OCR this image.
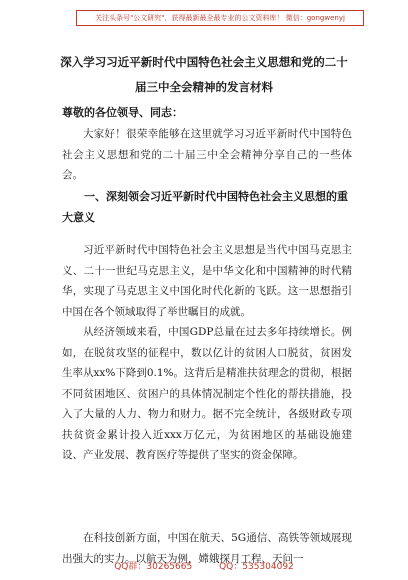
关注头条号"公文研究"，获得最新最全最专业的公文资料库！ 微信：gongwenyj
深入学习习近平新时代中国特色社会主义思想和党的二十
届三中全会精神的发言材料
尊敬的各位领导、同志：

大家好！很荣幸能够在这里就学习习近平新时代中国特色社会主义思想和党的二十届三中全会精神分享自己的一些体会。

一、深刻领会习近平新时代中国特色社会主义思想的重大意义

习近平新时代中国特色社会主义思想是当代中国马克思主义、二十一世纪马克思主义，是中华文化和中国精神的时代精华，实现了马克思主义中国化时代化新的飞跃。这一思想指引中国在各个领域取得了举世瞩目的成就。

从经济领域来看，中国GDP总量在过去多年持续增长。例如，在脱贫攻坚的征程中，数以亿计的贫困人口脱贫，贫困发生率从xx%下降到0.1%。这背后是精准扶贫理念的贯彻，根据不同贫困地区、贫困户的具体情况制定个性化的帮扶措施，投入了大量的人力、物力和财力。据不完全统计，各级财政专项扶贫资金累计投入近xxx万亿元，为贫困地区的基础设施建设、产业发展、教育医疗等提供了坚实的资金保障。

在科技创新方面，中国在航天、5G通信、高铁等领域展现出强大的实力。以航天为例，嫦娥探月工程、天问一

QQ群：30265665	QQ：535304092
